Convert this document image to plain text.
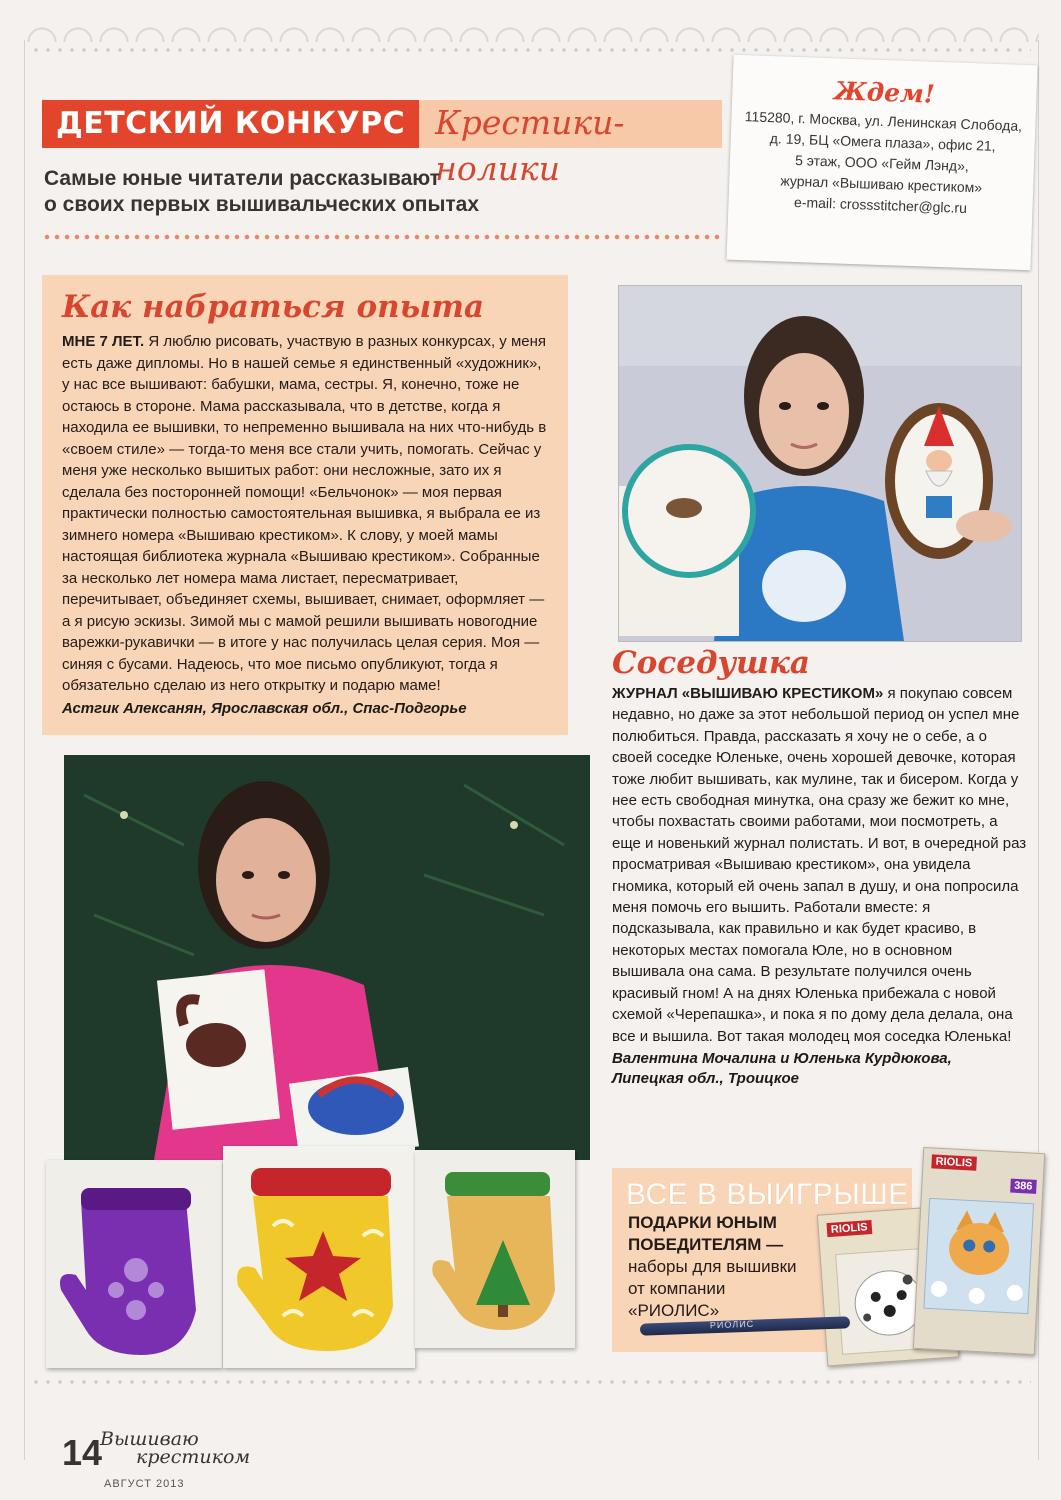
ДЕТСКИЙ КОНКУРС Крестики-нолики
Самые юные читатели рассказывают
о своих первых вышивальческих опытах
Ждем!
115280, г. Москва, ул. Ленинская Слобода,
д. 19, БЦ «Омега плаза», офис 21,
5 этаж, ООО «Гейм Лэнд»,
журнал «Вышиваю крестиком»
e-mail: crossstitcher@glc.ru
Как набраться опыта
МНЕ 7 ЛЕТ. Я люблю рисовать, участвую в разных конкурсах, у меня есть даже дипломы. Но в нашей семье я единственный «художник», у нас все вышивают: бабушки, мама, сестры. Я, конечно, тоже не остаюсь в стороне. Мама рассказывала, что в детстве, когда я находила ее вышивки, то непременно вышивала на них что-нибудь в «своем стиле» — тогда-то меня все стали учить, помогать. Сейчас у меня уже несколько вышитых работ: они несложные, зато их я сделала без посторонней помощи! «Бельчонок» — моя первая практически полностью самостоятельная вышивка, я выбрала ее из зимнего номера «Вышиваю крестиком». К слову, у моей мамы настоящая библиотека журнала «Вышиваю крестиком». Собранные за несколько лет номера мама листает, пересматривает, перечитывает, объединяет схемы, вышивает, снимает, оформляет — а я рисую эскизы. Зимой мы с мамой решили вышивать новогодние варежки-рукавички — в итоге у нас получилась целая серия. Моя — синяя с бусами. Надеюсь, что мое письмо опубликуют, тогда я обязательно сделаю из него открытку и подарю маме!
Астгик Алексанян, Ярославская обл., Спас-Подгорье
Соседушка
ЖУРНАЛ «ВЫШИВАЮ КРЕСТИКОМ» я покупаю совсем недавно, но даже за этот небольшой период он успел мне полюбиться. Правда, рассказать я хочу не о себе, а о своей соседке Юленьке, очень хорошей девочке, которая тоже любит вышивать, как мулине, так и бисером. Когда у нее есть свободная минутка, она сразу же бежит ко мне, чтобы похвастать своими работами, мои посмотреть, а еще и новенький журнал полистать. И вот, в очередной раз просматривая «Вышиваю крестиком», она увидела гномика, который ей очень запал в душу, и она попросила меня помочь его вышить. Работали вместе: я подсказывала, как правильно и как будет красиво, в некоторых местах помогала Юле, но в основном вышивала она сама. В результате получился очень красивый гном! А на днях Юленька прибежала с новой схемой «Черепашка», и пока я по дому дела делала, она все и вышила. Вот такая молодец моя соседка Юленька!
Валентина Мочалина и Юленька Курдюкова,
Липецкая обл., Троицкое
ВСЕ В ВЫИГРЫШЕ
ПОДАРКИ ЮНЫМ
ПОБЕДИТЕЛЯМ —
наборы для вышивки
от компании
«РИОЛИС»
RIOLIS
RIOLIS
386
РИОЛИС
14
Вышиваю
крестиком
АВГУСТ 2013
